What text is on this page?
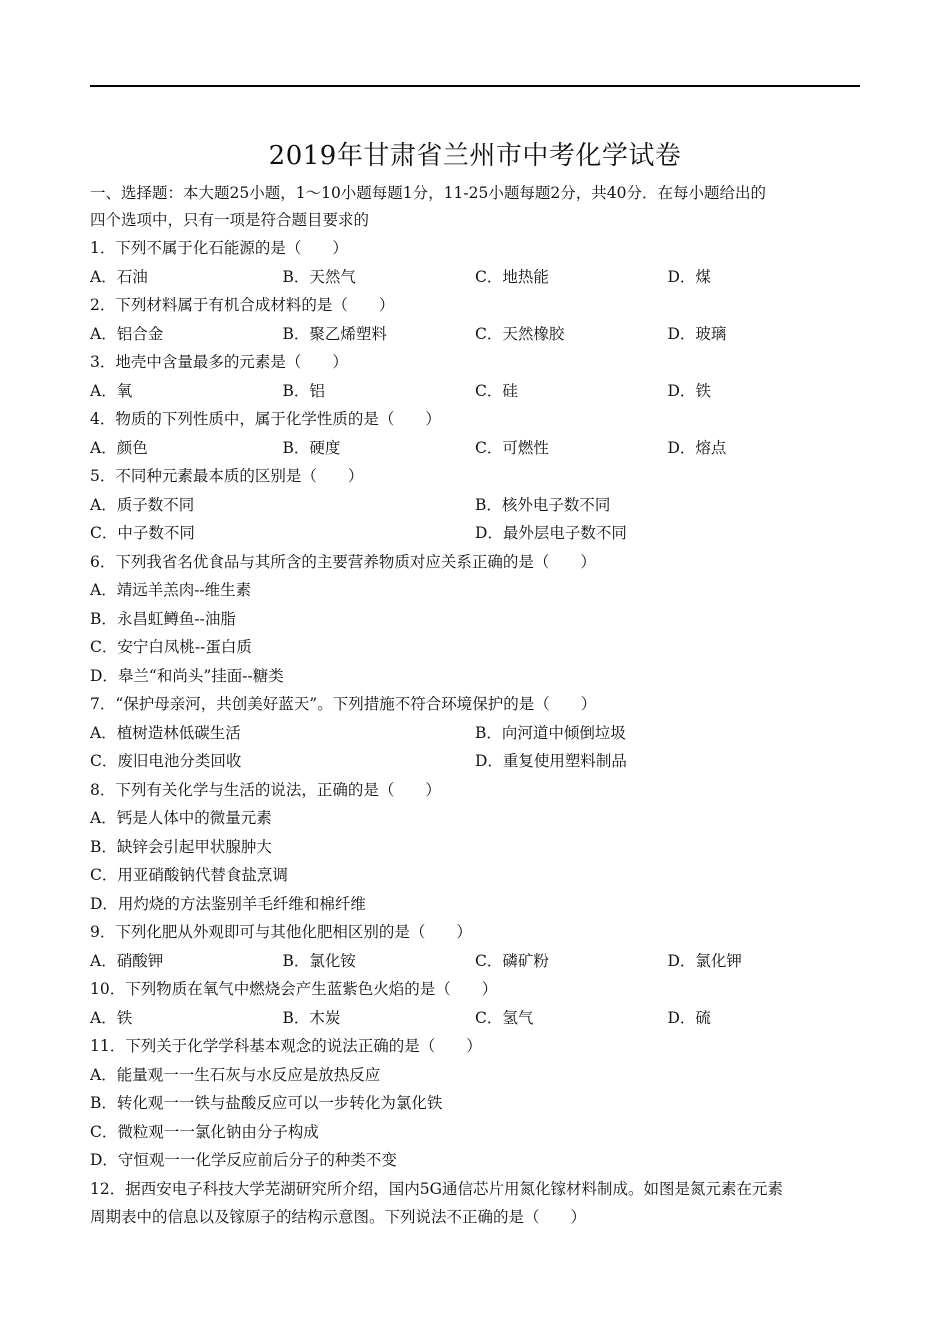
2019年甘肃省兰州市中考化学试卷
一、选择题：本大题25小题，1～10小题每题1分，11-25小题每题2分，共40分．在每小题给出的
四个选项中，只有一项是符合题目要求的
1．下列不属于化石能源的是（　　）
A．石油	B．天然气	C．地热能	D．煤
2．下列材料属于有机合成材料的是（　　）
A．铝合金	B．聚乙烯塑料	C．天然橡胶	D．玻璃
3．地壳中含量最多的元素是（　　）
A．氧	B．铝	C．硅	D．铁
4．物质的下列性质中，属于化学性质的是（　　）
A．颜色	B．硬度	C．可燃性	D．熔点
5．不同种元素最本质的区别是（　　）
A．质子数不同	B．核外电子数不同
C．中子数不同	D．最外层电子数不同
6．下列我省名优食品与其所含的主要营养物质对应关系正确的是（　　）
A．靖远羊羔肉--维生素
B．永昌虹鳟鱼--油脂
C．安宁白凤桃--蛋白质
D．皋兰“和尚头”挂面--糖类
7．“保护母亲河，共创美好蓝天”。下列措施不符合环境保护的是（　　）
A．植树造林低碳生活	B．向河道中倾倒垃圾
C．废旧电池分类回收	D．重复使用塑料制品
8．下列有关化学与生活的说法，正确的是（　　）
A．钙是人体中的微量元素
B．缺锌会引起甲状腺肿大
C．用亚硝酸钠代替食盐烹调
D．用灼烧的方法鉴别羊毛纤维和棉纤维
9．下列化肥从外观即可与其他化肥相区别的是（　　）
A．硝酸钾	B．氯化铵	C．磷矿粉	D．氯化钾
10．下列物质在氧气中燃烧会产生蓝紫色火焰的是（　　）
A．铁	B．木炭	C．氢气	D．硫
11．下列关于化学学科基本观念的说法正确的是（　　）
A．能量观一一生石灰与水反应是放热反应
B．转化观一一铁与盐酸反应可以一步转化为氯化铁
C．微粒观一一氯化钠由分子构成
D．守恒观一一化学反应前后分子的种类不变
12．据西安电子科技大学芜湖研究所介绍，国内5G通信芯片用氮化镓材料制成。如图是氮元素在元素
周期表中的信息以及镓原子的结构示意图。下列说法不正确的是（　　）
